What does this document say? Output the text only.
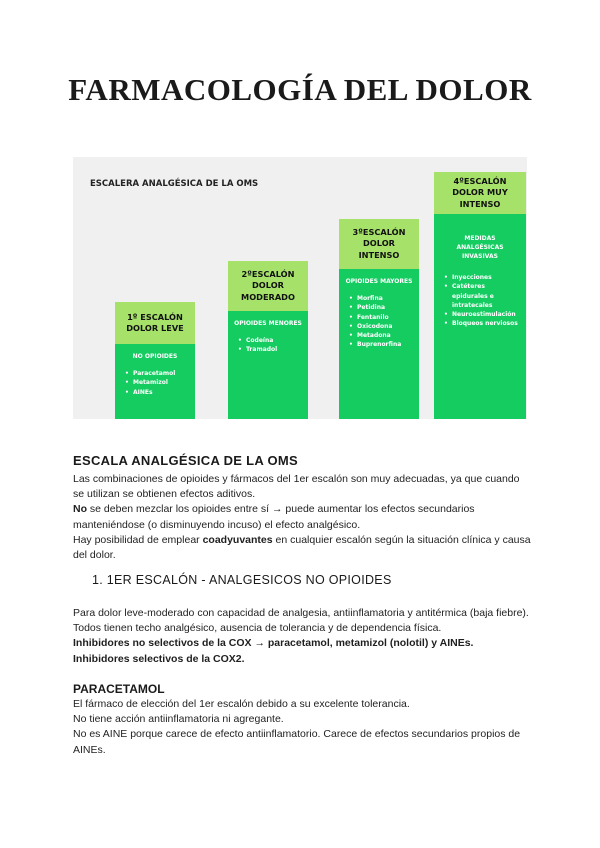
FARMACOLOGÍA DEL DOLOR
ESCALERA ANALGÉSICA DE LA OMS
1º ESCALÓN
DOLOR LEVE
NO OPIOIDES
• Paracetamol
• Metamizol
• AINEs
2ºESCALÓN
DOLOR
MODERADO
OPIOIDES MENORES
• Codeína
• Tramadol
3ºESCALÓN
DOLOR
INTENSO
OPIOIDES MAYORES
• Morfina
• Petidina
• Fentanilo
• Oxicodona
• Metadona
• Buprenorfina
4ºESCALÓN
DOLOR MUY
INTENSO
MEDIDAS
ANALGÉSICAS
INVASIVAS
• Inyecciones
• Catéteres epidurales e intratecales
• Neuroestimulación
• Bloqueos nerviosos
ESCALA ANALGÉSICA DE LA OMS

Las combinaciones de opioides y fármacos del 1er escalón son muy adecuadas, ya que cuando se utilizan se obtienen efectos aditivos.

No se deben mezclar los opioides entre sí → puede aumentar los efectos secundarios manteniéndose (o disminuyendo incuso) el efecto analgésico.

Hay posibilidad de emplear coadyuvantes en cualquier escalón según la situación clínica y causa del dolor.

1. 1ER ESCALÓN - ANALGESICOS NO OPIOIDES

Para dolor leve-moderado con capacidad de analgesia, antiinflamatoria y antitérmica (baja fiebre). Todos tienen techo analgésico, ausencia de tolerancia y de dependencia física.

Inhibidores no selectivos de la COX → paracetamol, metamizol (nolotil) y AINEs.

Inhibidores selectivos de la COX2.

PARACETAMOL

El fármaco de elección del 1er escalón debido a su excelente tolerancia.

No tiene acción antiinflamatoria ni agregante.

No es AINE porque carece de efecto antiinflamatorio. Carece de efectos secundarios propios de AINEs.
